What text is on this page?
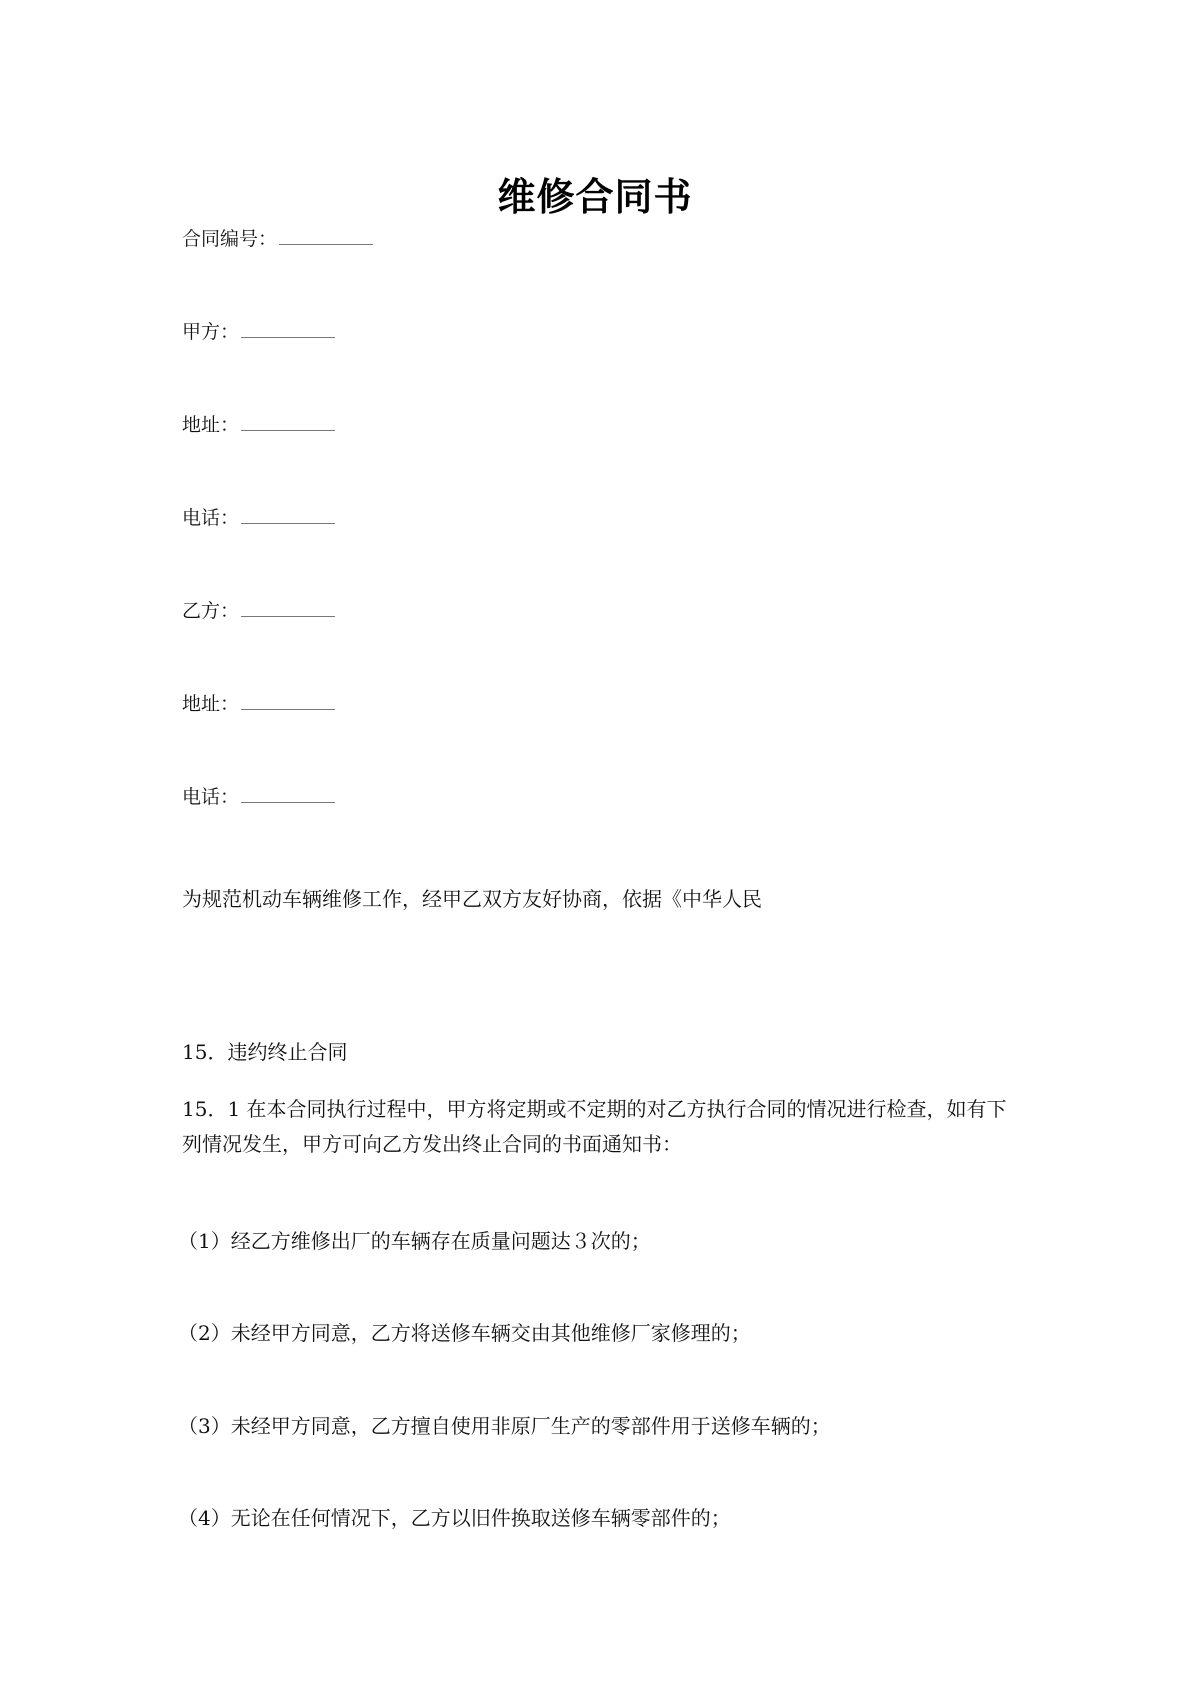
维修合同书
合同编号：
甲方：
地址：
电话：
乙方：
地址：
电话：
为规范机动车辆维修工作，经甲乙双方友好协商，依据《中华人民
15．违约终止合同
15．1 在本合同执行过程中，甲方将定期或不定期的对乙方执行合同的情况进行检查，如有下列情况发生，甲方可向乙方发出终止合同的书面通知书：
（1）经乙方维修出厂的车辆存在质量问题达３次的；
（2）未经甲方同意，乙方将送修车辆交由其他维修厂家修理的；
（3）未经甲方同意，乙方擅自使用非原厂生产的零部件用于送修车辆的；
（4）无论在任何情况下，乙方以旧件换取送修车辆零部件的；
